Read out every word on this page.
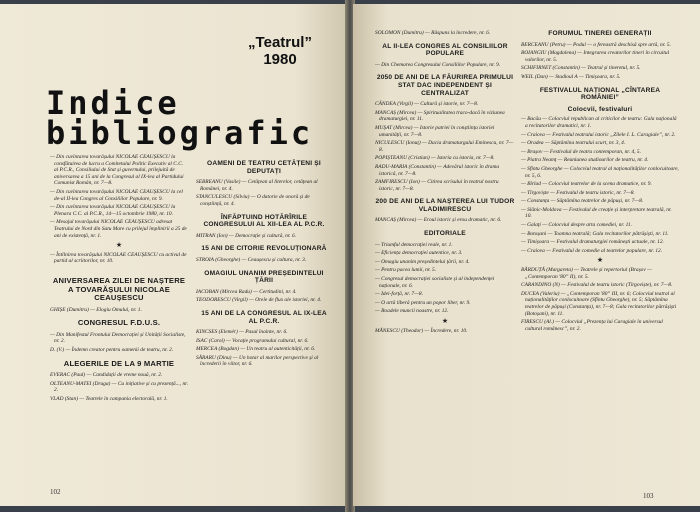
„Teatrul”
1980
Indice
bibliografic

— Din cuvîntarea tovarășului NICOLAE CEAUȘESCU la consfătuirea de lucru a Comitetului Politic Executiv al C.C. al P.C.R., Consiliului de Stat și guvernului, prilejuită de aniversarea a 15 ani de la Congresul al IX-lea al Partidului Comunist Român, nr. 7—8.

— Din cuvîntarea tovarășului NICOLAE CEAUȘESCU la cel de-al II-lea Congres al Consiliilor Populare, nr. 9.

— Din cuvîntarea tovarășului NICOLAE CEAUȘESCU la Plenara C.C. al P.C.R., 14—15 octombrie 1980, nr. 10.

— Mesajul tovarășului NICOLAE CEAUȘESCU adresat Teatrului de Nord din Satu Mare cu prilejul împlinirii a 25 de ani de existență, nr. 1.

★

— Întîlnirea tovarășului NICOLAE CEAUȘESCU cu activul de partid al scriitorilor, nr. 10.

ANIVERSAREA ZILEI DE NAȘTERE A TOVARĂȘULUI NICOLAE CEAUȘESCU

GHIȘE (Dumitru) — Elogiu Omului, nr. 1.

CONGRESUL F.D.U.S.

— Din Manifestul Frontului Democrației și Unității Socialiste, nr. 2.

D. (V.) — Îndemn creator pentru oamenii de teatru, nr. 2.

ALEGERILE DE LA 9 MARTIE

EVERAC (Paul) — Candidații de vreme nouă, nr. 2.

OLTEANU-MATEI (Draga) — Cu inițiative și cu prezență..., nr. 2.

VLAD (Stan) — Teatrele în campania electorală, nr. 1.

OAMENI DE TEATRU CETĂȚENI ȘI DEPUTAȚI

SEBREANU (Vasile) — Cetățean al literelor, cetățean al Românei, nr. 4.

STANCULESCU (Silviu) — O datorie de onoră și de conștiință, nr. 4.

ÎNFĂPTUIND HOTĂRÎRILE CONGRESULUI AL XII-LEA AL P.C.R.

MITRAN (Ion) — Democrație și cultură, nr. 6.

15 ANI DE CITORIE REVOLUȚIONARĂ

STROIA (Gheorghe) — Ceaușescu și cultura, nr. 3.

OMAGIUL UNANIM PREȘEDINTELUI ȚĂRII

IACOBAN (Mircea Radu) — Certitudini, nr. 4.

TEODORESCU (Virgil) — Orele de flux ale istoriei, nr. 4.

15 ANI DE LA CONGRESUL AL IX-LEA AL P.C.R.

KINCSES (Elemér) — Pasul înainte, nr. 6.

ISAC (Carol) — Vocație programului cultural, nr. 6.

MERCEA (Bogdan) — Un teatru al autenticității, nr. 6.

SĂRARU (Dinu) — Un hotar al marilor perspective și al încrederii în viitor, nr. 6.

102

SOLOMON (Dumitru) — Răspuns la încredere, nr. 6.

AL II-LEA CONGRES AL CONSILIILOR POPULARE

— Din Chemarea Congresului Consiliilor Populare, nr. 9.

2050 DE ANI DE LA FĂURIREA PRIMULUI STAT DAC INDEPENDENT ȘI CENTRALIZAT

CÂNDEA (Virgil) — Cultură și istorie, nr. 7—8.

MANCAȘ (Mircea) — Spiritualitatea traco-dacă în viziunea dramaturgiei, nr. 11.

MUȘAT (Mircea) — Istorie patriei în conștiința istoriei umanității, nr. 7—8.

NICULESCU (Ionuț) — Dacia dramaturgului Eminescu, nr. 7—8.

POPIȘTEANU (Cristian) — Istoria cu istoria, nr. 7—8.

RADU-MARIA (Constantin) — Adevărul istoric în drama istorică, nr. 7—8.

ZAMFIRESCU (Ion) — Citirea scrisului în teatrul nostru istoric, nr. 7—8.

200 DE ANI DE LA NAȘTEREA LUI TUDOR VLADIMIRESCU

MANCAȘ (Mircea) — Eroul istoric și erou dramatic, nr. 6.

EDITORIALE

— Triumful democrației reale, nr. 1.

— Eficiența democrației autentice, nr. 3.

— Omagiu unanim președintelui țării, nr. 4.

— Pentru pacea lumii, nr. 5.

— Congresul democrației socialiste și al independenței naționale, nr. 6.

— Idei-forță, nr. 7—8.

— O artă liberă pentru un popor liber, nr. 9.

— Roadele muncii noastre, nr. 12.

★

MĂNESCU (Theodor) — Încredere, nr. 10.

FORUMUL TINEREI GENERAȚII

BERCEANU (Petru) — Podul — o fereastră deschisă spre artă, nr. 5.

BOIANGIU (Magdalena) — Integrarea creatorilor tineri în circuitul valorilor, nr. 5.

SCHIFIRNET (Constantin) — Teatrul și tineretul, nr. 5.

WEIL (Dan) — Stadioul A — Timișoara, nr. 5.

FESTIVALUL NAȚIONAL „CÎNTAREA ROMÂNIEI”
Colocvii, festivaluri

— Bacău — Colocviul republican al criticilor de teatru: Gala națională a recitatorilor dramatici, nr. 1.

— Craiova — Festivalul teatrului istoric „Zilele I. L. Caragiale”, nr. 2.

— Oradea — Săptămîna teatrului scurt, nr. 3, 4.

— Brașov — Festivalul de teatru contemporan, nr. 4, 5.

— Piatra Neamț — Reuniunea studiourilor de teatru, nr. 4.

— Sfîntu Gheorghe — Colocviul teatral al naționalităților conlocuitoare, nr. 5, 6.

— Bîrlad — Colocviul teatrelor de la scena dramatice, nr. 9.

— Tîrgoviște — Festivalul de teatru istoric, nr. 7—8.

— Constanța — Săptămîna teatrelor de păpuși, nr. 7—8.

— Slănic-Moldova — Festivalul de creație și interpretare teatrală, nr. 10.

— Galați — Colocviul despre arta comediei, nr. 11.

— Botoșani — Toamna teatrală; Gala recitatorilor pătrășiști, nr. 11.

— Timișoara — Festivalul dramaturgiei românești actuale, nr. 12.

— Craiova — Festivalul de comedie al teatrelor populare, nr. 12.

★

BĂRDUȚĂ (Margareta) — Teatrele și repertoriul (Brașov — „Contemporan '80” II), nr. 5.

CARANDINO (N) — Festivalul de teatru istoric (Tîrgoviște), nr. 7—8.

DUCEA (Valeriu) — „Contemporan '80” III, nr. 6; Colocviul teatral al naționalităților conlocuitoare (Sfîntu Gheorghe), nr. 5; Săptămîna teatrelor de păpuși (Constanța), nr. 7—8; Gala recitatorilor pătrășiști (Botoșani), nr. 11.

FIRESCU (Al.) — Colocviul „Prezența lui Caragiale în universul cultural românesc”, nr. 2.

103
